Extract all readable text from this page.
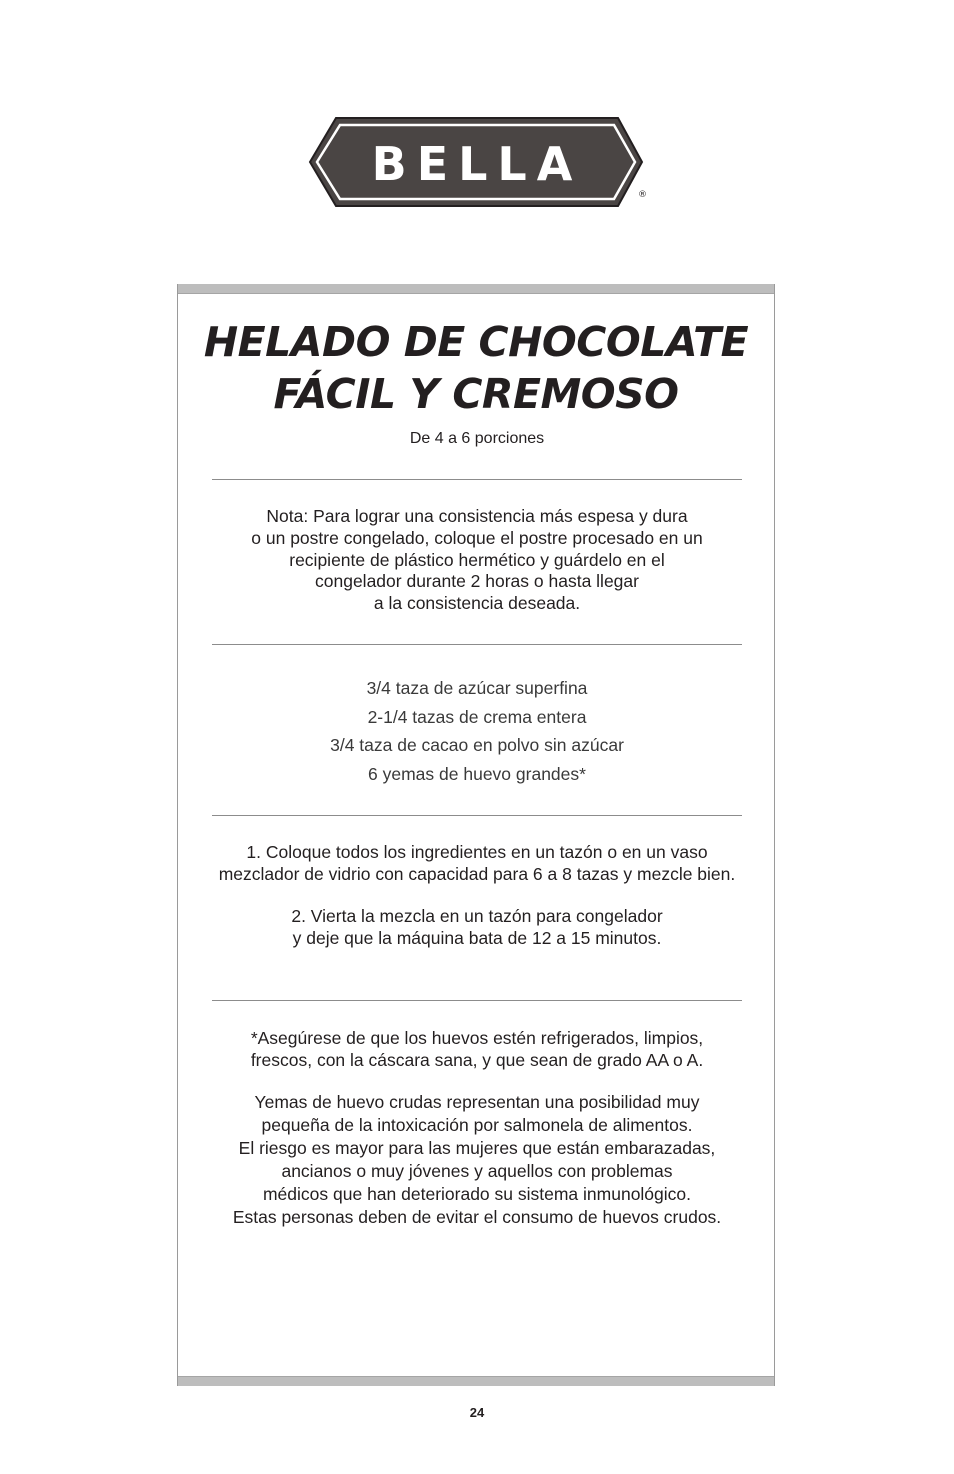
BELLA
®
HELADO DE CHOCOLATE
FÁCIL Y CREMOSO
De 4 a 6 porciones
Nota: Para lograr una consistencia más espesa y dura
o un postre congelado, coloque el postre procesado en un
recipiente de plástico hermético y guárdelo en el
congelador durante 2 horas o hasta llegar
a la consistencia deseada.
3/4 taza de azúcar superfina
2-1/4 tazas de crema entera
3/4 taza de cacao en polvo sin azúcar
6 yemas de huevo grandes*
1. Coloque todos los ingredientes en un tazón o en un vaso
mezclador de vidrio con capacidad para 6 a 8 tazas y mezcle bien.
2. Vierta la mezcla en un tazón para congelador
y deje que la máquina bata de 12 a 15 minutos.
*Asegúrese de que los huevos estén refrigerados, limpios,
frescos, con la cáscara sana, y que sean de grado AA o A.
Yemas de huevo crudas representan una posibilidad muy
pequeña de la intoxicación por salmonela de alimentos.
El riesgo es mayor para las mujeres que están embarazadas,
ancianos o muy jóvenes y aquellos con problemas
médicos que han deteriorado su sistema inmunológico.
Estas personas deben de evitar el consumo de huevos crudos.
24
